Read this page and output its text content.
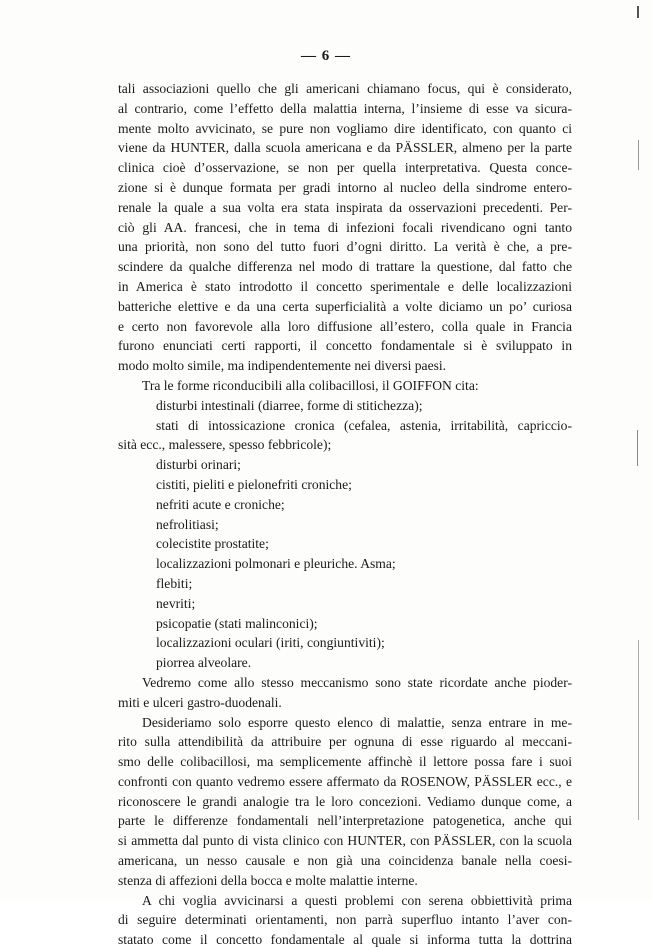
— 6 —
tali associazioni quello che gli americani chiamano focus, qui è considerato,
al contrario, come l’effetto della malattia interna, l’insieme di esse va sicura-
mente molto avvicinato, se pure non vogliamo dire identificato, con quanto ci
viene da HUNTER, dalla scuola americana e da PÄSSLER, almeno per la parte
clinica cioè d’osservazione, se non per quella interpretativa. Questa conce-
zione si è dunque formata per gradi intorno al nucleo della sindrome entero-
renale la quale a sua volta era stata inspirata da osservazioni precedenti. Per-
ciò gli AA. francesi, che in tema di infezioni focali rivendicano ogni tanto
una priorità, non sono del tutto fuori d’ogni diritto. La verità è che, a pre-
scindere da qualche differenza nel modo di trattare la questione, dal fatto che
in America è stato introdotto il concetto sperimentale e delle localizzazioni
batteriche elettive e da una certa superficialità a volte diciamo un po’ curiosa
e certo non favorevole alla loro diffusione all’estero, colla quale in Francia
furono enunciati certi rapporti, il concetto fondamentale si è sviluppato in
modo molto simile, ma indipendentemente nei diversi paesi.
Tra le forme riconducibili alla colibacillosi, il GOIFFON cita:
disturbi intestinali (diarree, forme di stitichezza);
stati di intossicazione cronica (cefalea, astenia, irritabilità, capriccio-
sità ecc., malessere, spesso febbricole);
disturbi orinari;
cistiti, pieliti e pielonefriti croniche;
nefriti acute e croniche;
nefrolitiasi;
colecistite prostatite;
localizzazioni polmonari e pleuriche. Asma;
flebiti;
nevriti;
psicopatie (stati malinconici);
localizzazioni oculari (iriti, congiuntiviti);
piorrea alveolare.
Vedremo come allo stesso meccanismo sono state ricordate anche pioder-
miti e ulceri gastro-duodenali.
Desideriamo solo esporre questo elenco di malattie, senza entrare in me-
rito sulla attendibilità da attribuire per ognuna di esse riguardo al meccani-
smo delle colibacillosi, ma semplicemente affinchè il lettore possa fare i suoi
confronti con quanto vedremo essere affermato da ROSENOW, PÄSSLER ecc., e
riconoscere le grandi analogie tra le loro concezioni. Vediamo dunque come, a
parte le differenze fondamentali nell’interpretazione patogenetica, anche qui
si ammetta dal punto di vista clinico con HUNTER, con PÄSSLER, con la scuola
americana, un nesso causale e non già una coincidenza banale nella coesi-
stenza di affezioni della bocca e molte malattie interne.
A chi voglia avvicinarsi a questi problemi con serena obbiettività prima
di seguire determinati orientamenti, non parrà superfluo intanto l’aver con-
statato come il concetto fondamentale al quale si informa tutta la dottrina
